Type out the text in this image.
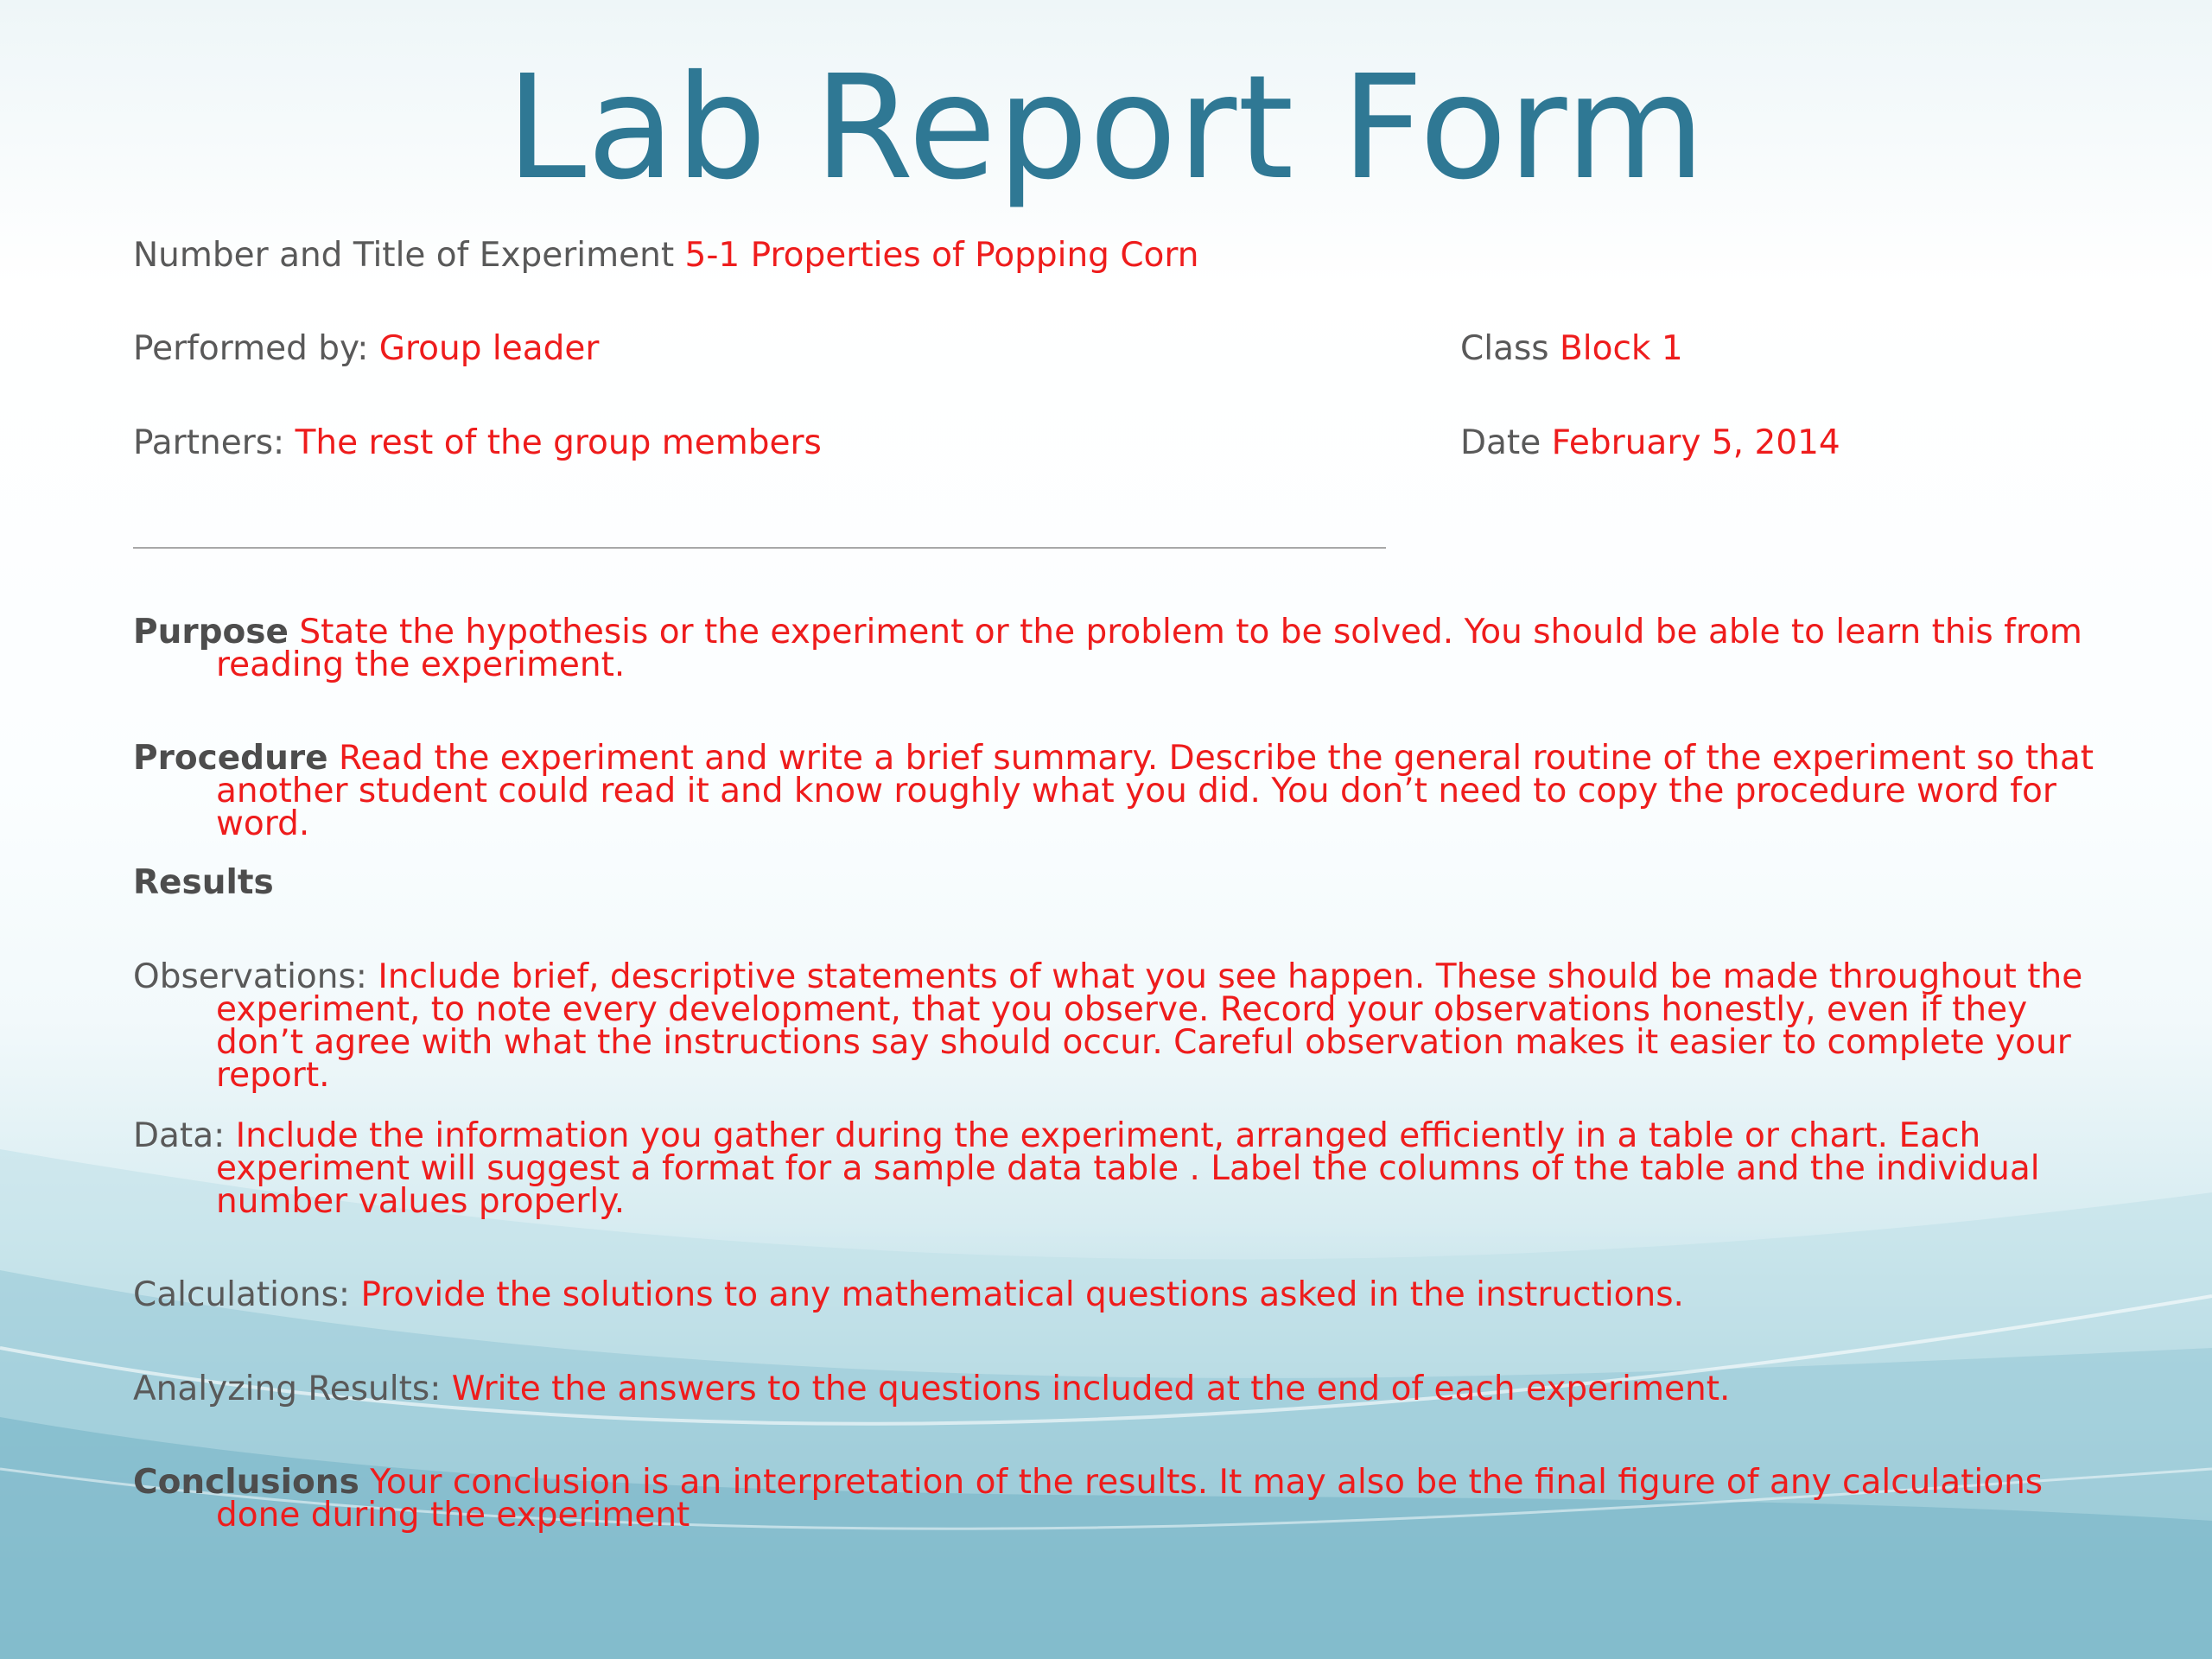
Lab Report Form
Number and Title of Experiment 5-1 Properties of Popping Corn
Performed by: Group leader	Class Block 1
Partners: The rest of the group members	Date February 5, 2014
Purpose State the hypothesis or the experiment or the problem to be solved. You should be able to learn this from reading the experiment.
Procedure Read the experiment and write a brief summary. Describe the general routine of the experiment so that another student could read it and know roughly what you did. You don’t need to copy the procedure word for word.
Results
Observations: Include brief, descriptive statements of what you see happen. These should be made throughout the experiment, to note every development, that you observe. Record your observations honestly, even if they don’t agree with what the instructions say should occur. Careful observation makes it easier to complete your report.
Data: Include the information you gather during the experiment, arranged efficiently in a table or chart. Each experiment will suggest a format for a sample data table . Label the columns of the table and the individual number values properly.
Calculations: Provide the solutions to any mathematical questions asked in the instructions.
Analyzing Results: Write the answers to the questions included at the end of each experiment.
Conclusions Your conclusion is an interpretation of the results. It may also be the final figure of any calculations done during the experiment
